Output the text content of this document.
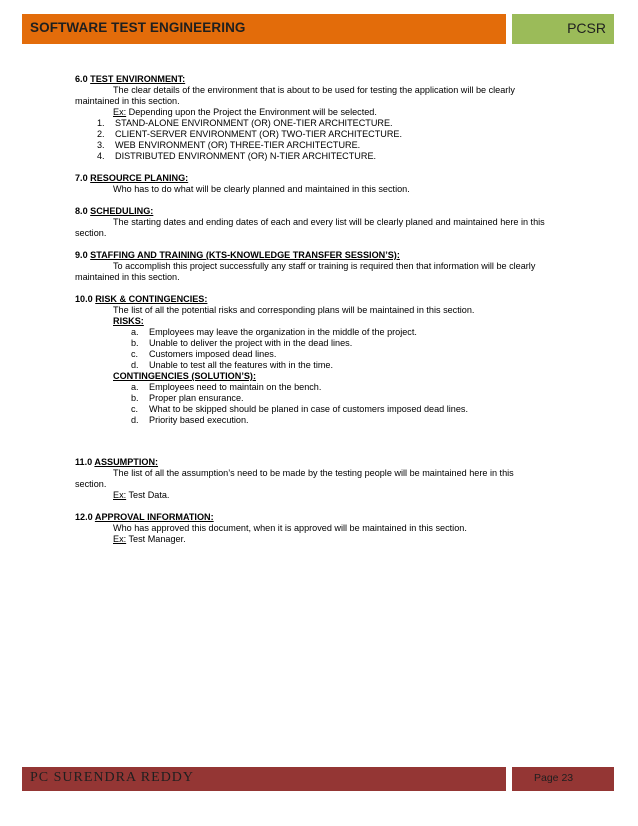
SOFTWARE TEST ENGINEERING	PCSR
6.0 TEST ENVIRONMENT:
The clear details of the environment that is about to be used for testing the application will be clearly
maintained in this section.
Ex: Depending upon the Project the Environment will be selected.
1. STAND-ALONE ENVIRONMENT (OR) ONE-TIER ARCHITECTURE.
2. CLIENT-SERVER ENVIRONMENT (OR) TWO-TIER ARCHITECTURE.
3. WEB ENVIRONMENT (OR) THREE-TIER ARCHITECTURE.
4. DISTRIBUTED ENVIRONMENT (OR) N-TIER ARCHITECTURE.
7.0 RESOURCE PLANING:
Who has to do what will be clearly planned and maintained in this section.
8.0 SCHEDULING:
The starting dates and ending dates of each and every list will be clearly planed and maintained here in this
section.
9.0 STAFFING AND TRAINING (KTS-KNOWLEDGE TRANSFER SESSION’S):
To accomplish this project successfully any staff or training is required then that information will be clearly
maintained in this section.
10.0 RISK & CONTINGENCIES:
The list of all the potential risks and corresponding plans will be maintained in this section.
RISKS:
a. Employees may leave the organization in the middle of the project.
b. Unable to deliver the project with in the dead lines.
c. Customers imposed dead lines.
d. Unable to test all the features with in the time.
CONTINGENCIES (SOLUTION’S):
a. Employees need to maintain on the bench.
b. Proper plan ensurance.
c. What to be skipped should be planed in case of customers imposed dead lines.
d. Priority based execution.
11.0 ASSUMPTION:
The list of all the assumption’s need to be made by the testing people will be maintained here in this
section.
Ex: Test Data.
12.0 APPROVAL INFORMATION:
Who has approved this document, when it is approved will be maintained in this section.
Ex: Test Manager.
PC SURENDRA REDDY	Page 23
